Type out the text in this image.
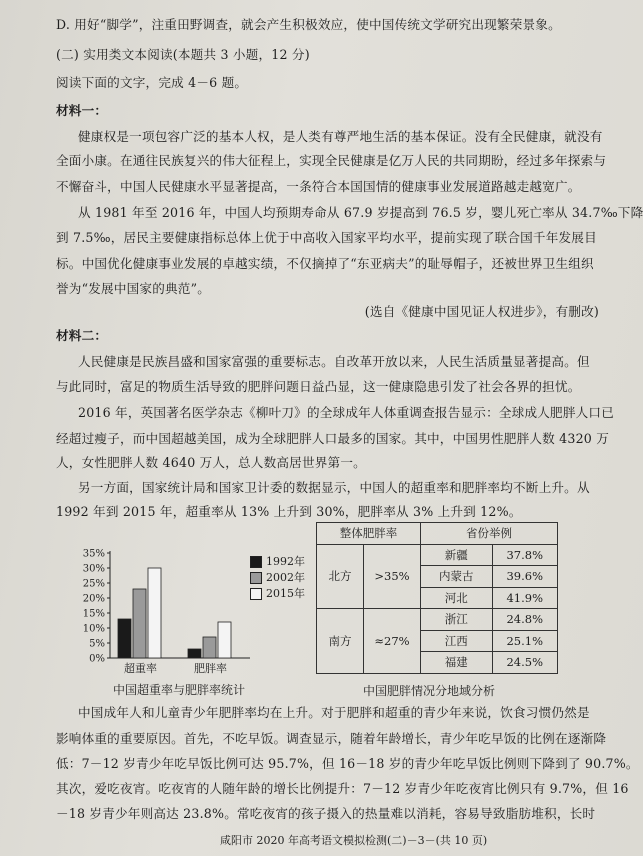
D. 用好“脚学”，注重田野调查，就会产生积极效应，使中国传统文学研究出现繁荣景象。
(二) 实用类文本阅读(本题共 3 小题，12 分)
阅读下面的文字，完成 4－6 题。
材料一：
健康权是一项包容广泛的基本人权，是人类有尊严地生活的基本保证。没有全民健康，就没有
全面小康。在通往民族复兴的伟大征程上，实现全民健康是亿万人民的共同期盼，经过多年探索与
不懈奋斗，中国人民健康水平显著提高，一条符合本国国情的健康事业发展道路越走越宽广。
从 1981 年至 2016 年，中国人均预期寿命从 67.9 岁提高到 76.5 岁，婴儿死亡率从 34.7‰下降
到 7.5‰，居民主要健康指标总体上优于中高收入国家平均水平，提前实现了联合国千年发展目
标。中国优化健康事业发展的卓越实绩，不仅摘掉了“东亚病夫”的耻辱帽子，还被世界卫生组织
誉为“发展中国家的典范”。
(选自《健康中国见证人权进步》，有删改)
材料二：
人民健康是民族昌盛和国家富强的重要标志。自改革开放以来，人民生活质量显著提高。但
与此同时，富足的物质生活导致的肥胖问题日益凸显，这一健康隐患引发了社会各界的担忧。
2016 年，英国著名医学杂志《柳叶刀》的全球成年人体重调查报告显示：全球成人肥胖人口已
经超过瘦子，而中国超越美国，成为全球肥胖人口最多的国家。其中，中国男性肥胖人数 4320 万
人，女性肥胖人数 4640 万人，总人数高居世界第一。
另一方面，国家统计局和国家卫计委的数据显示，中国人的超重率和肥胖率均不断上升。从
1992 年到 2015 年，超重率从 13% 上升到 30%，肥胖率从 3% 上升到 12%。
0%
5%
10%
15%
20%
25%
30%
35%
超重率	肥胖率
1992年
2002年
2015年
中国超重率与肥胖率统计
整体肥胖率		省份举例	
北方	>35%	新疆	37.8%
		内蒙古	39.6%
		河北	41.9%
南方	≈27%	浙江	24.8%
		江西	25.1%
		福建	24.5%
中国肥胖情况分地域分析
中国成年人和儿童青少年肥胖率均在上升。对于肥胖和超重的青少年来说，饮食习惯仍然是
影响体重的重要原因。首先，不吃早饭。调查显示，随着年龄增长，青少年吃早饭的比例在逐渐降
低：7－12 岁青少年吃早饭比例可达 95.7%，但 16－18 岁的青少年吃早饭比例则下降到了 90.7%。
其次，爱吃夜宵。吃夜宵的人随年龄的增长比例提升：7－12 岁青少年吃夜宵比例只有 9.7%，但 16
－18 岁青少年则高达 23.8%。常吃夜宵的孩子摄入的热量难以消耗，容易导致脂肪堆积，长时
咸阳市 2020 年高考语文模拟检测(二)－3－(共 10 页)
